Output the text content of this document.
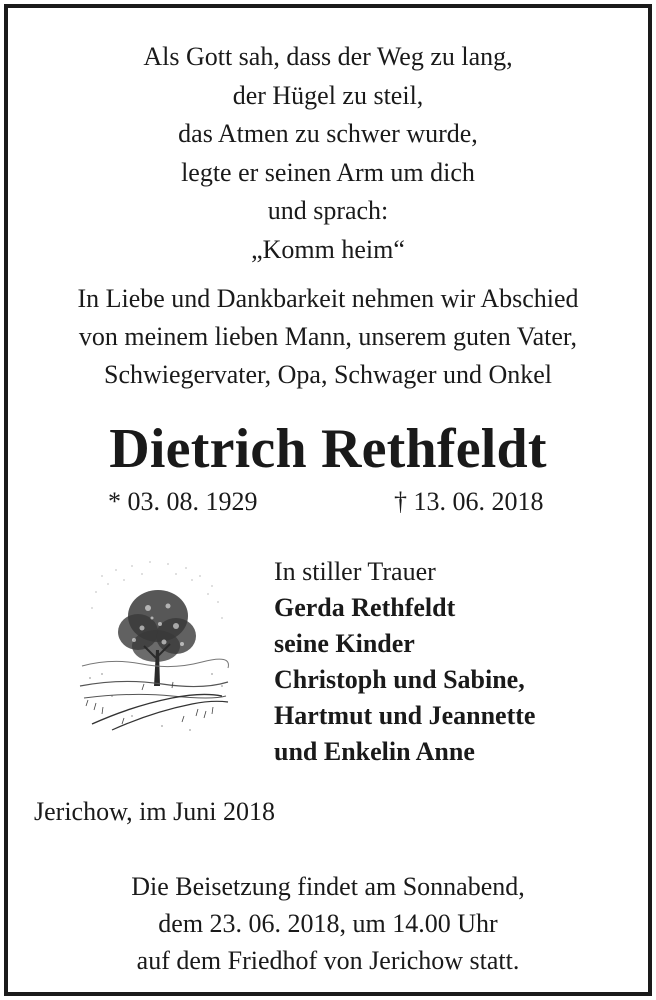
Als Gott sah, dass der Weg zu lang,
der Hügel zu steil,
das Atmen zu schwer wurde,
legte er seinen Arm um dich
und sprach:
„Komm heim“
In Liebe und Dankbarkeit nehmen wir Abschied
von meinem lieben Mann, unserem guten Vater,
Schwiegervater, Opa, Schwager und Onkel
Dietrich Rethfeldt
* 03. 08. 1929	† 13. 06. 2018
In stiller Trauer
Gerda Rethfeldt
seine Kinder
Christoph und Sabine,
Hartmut und Jeannette
und Enkelin Anne
Jerichow, im Juni 2018
Die Beisetzung findet am Sonnabend,
dem 23. 06. 2018, um 14.00 Uhr
auf dem Friedhof von Jerichow statt.
